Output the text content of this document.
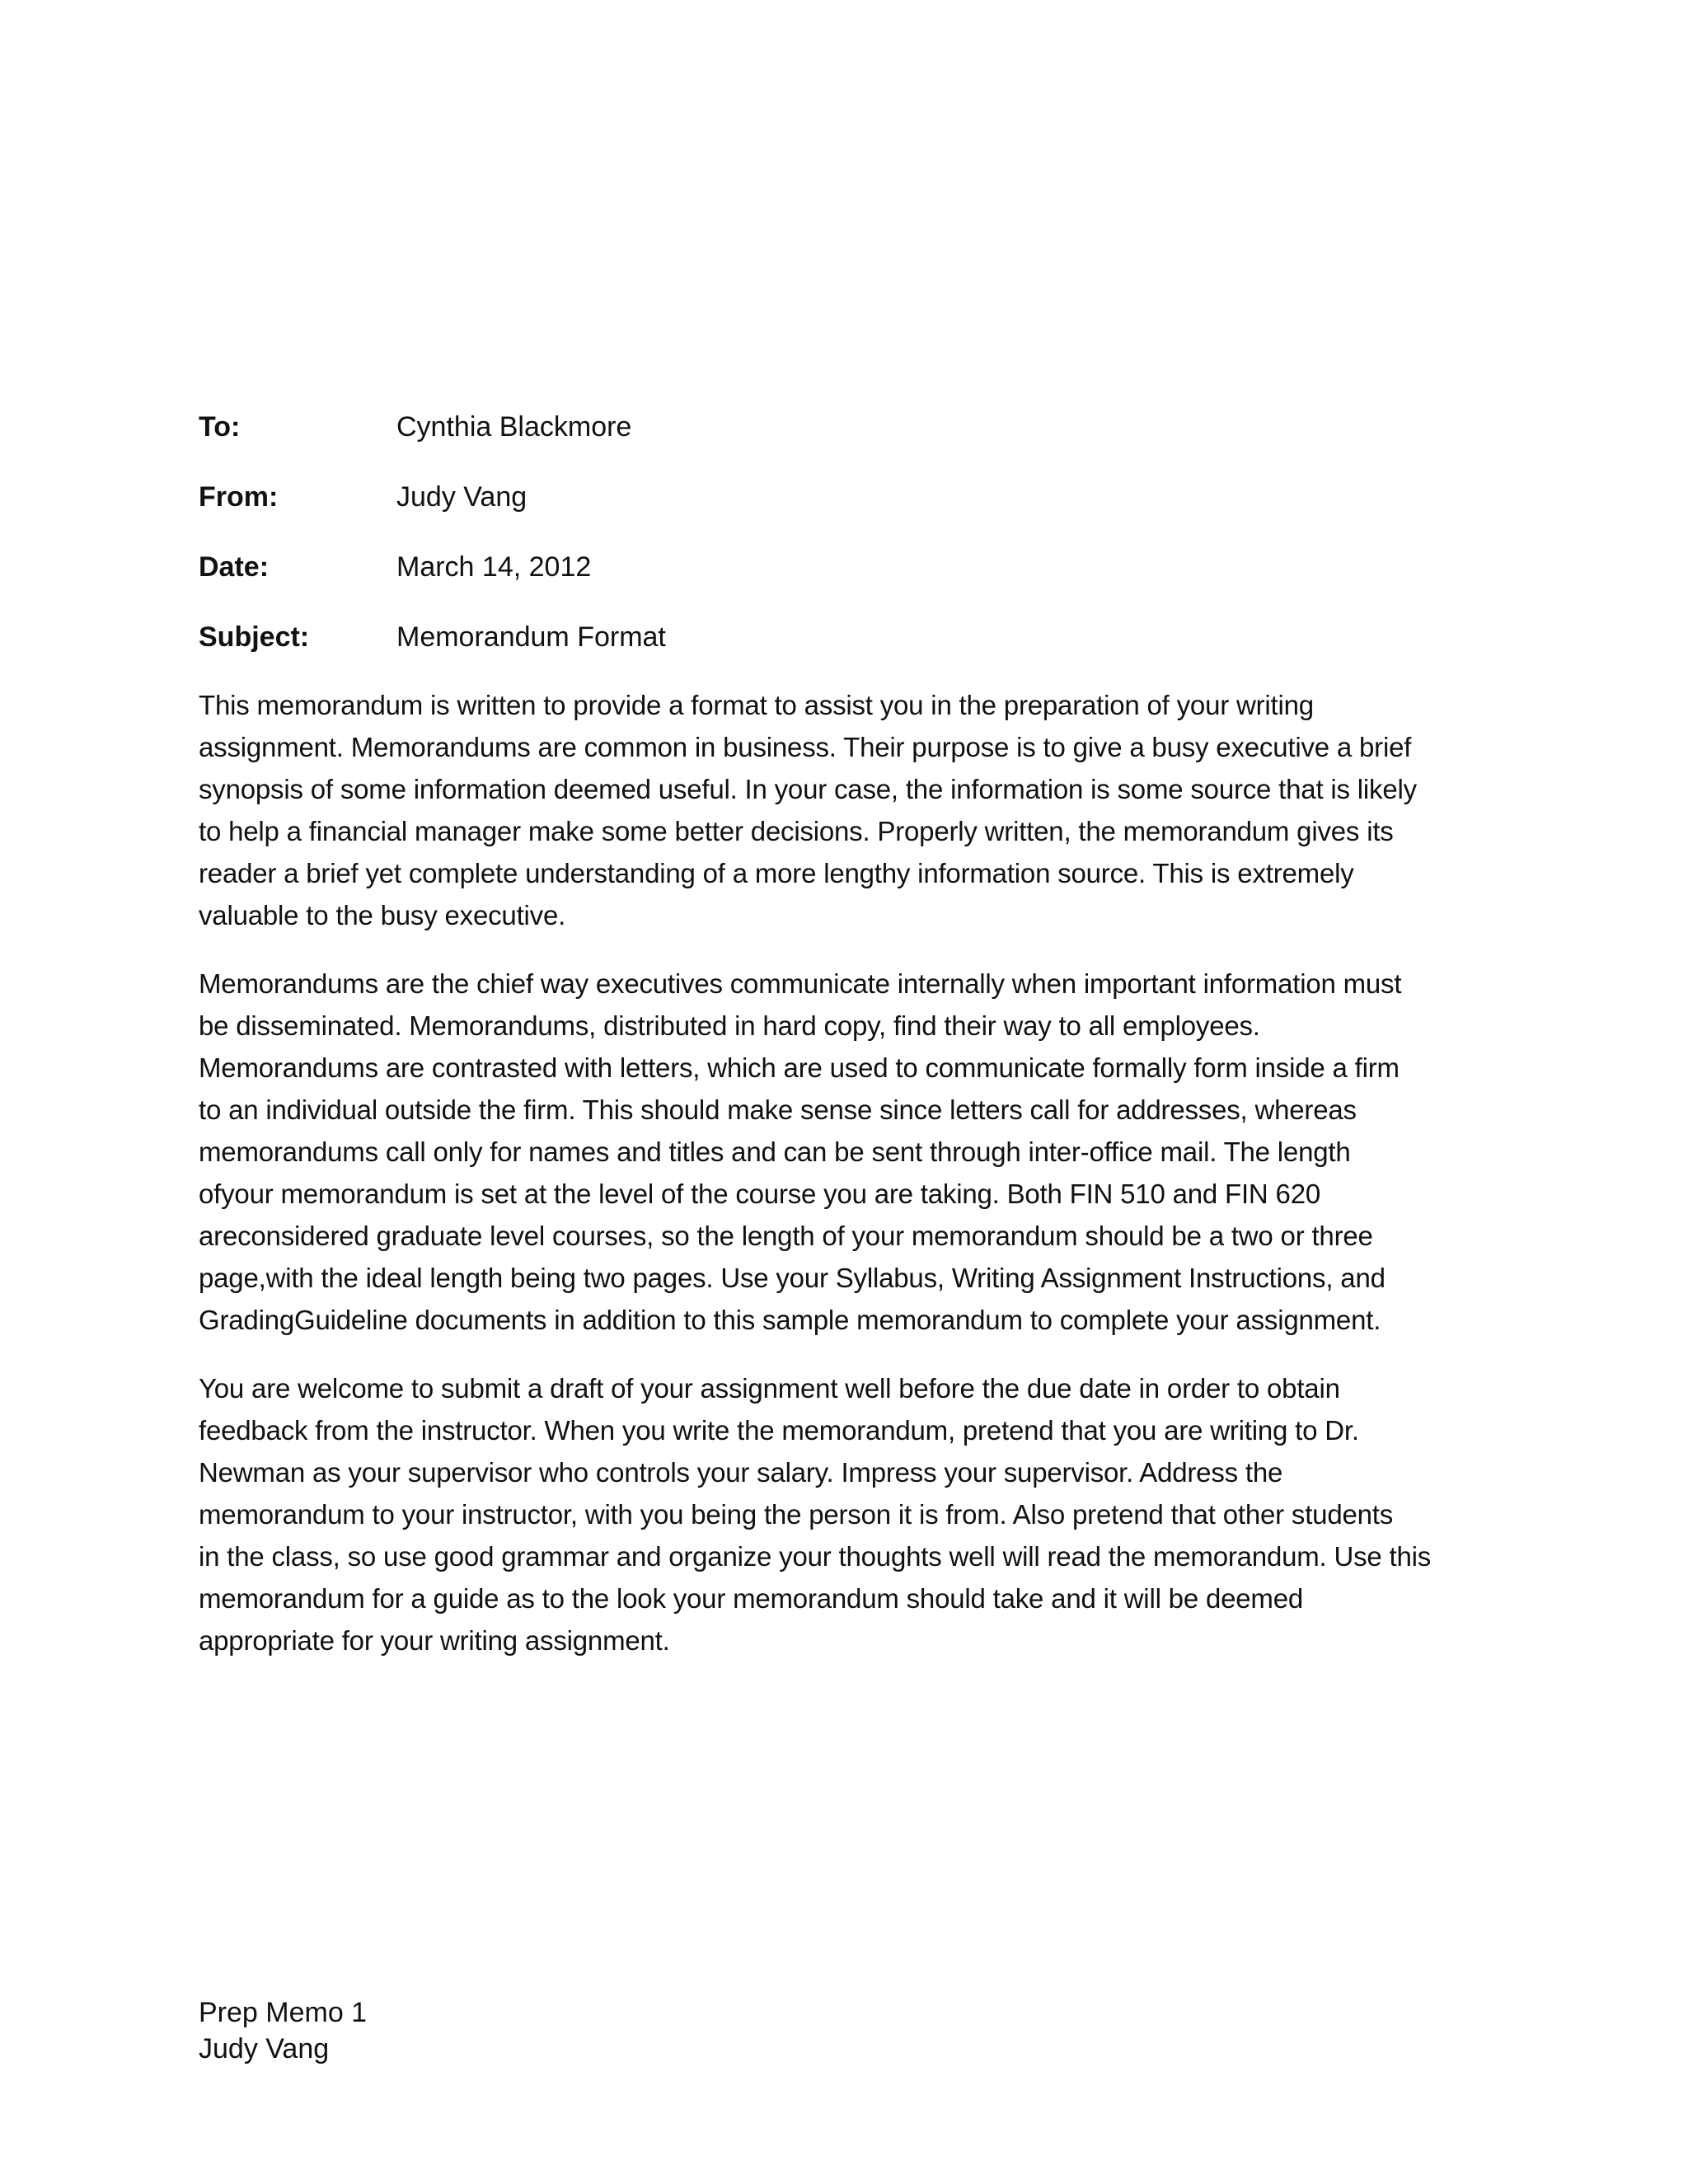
To:	Cynthia Blackmore
From:	Judy Vang
Date:	March 14, 2012
Subject:	Memorandum Format

This memorandum is written to provide a format to assist you in the preparation of your writing
assignment. Memorandums are common in business. Their purpose is to give a busy executive a brief
synopsis of some information deemed useful. In your case, the information is some source that is likely
to help a financial manager make some better decisions. Properly written, the memorandum gives its
reader a brief yet complete understanding of a more lengthy information source. This is extremely
valuable to the busy executive.

Memorandums are the chief way executives communicate internally when important information must
be disseminated. Memorandums, distributed in hard copy, find their way to all employees.
Memorandums are contrasted with letters, which are used to communicate formally form inside a firm
to an individual outside the firm. This should make sense since letters call for addresses, whereas
memorandums call only for names and titles and can be sent through inter-office mail. The length
ofyour memorandum is set at the level of the course you are taking. Both FIN 510 and FIN 620
areconsidered graduate level courses, so the length of your memorandum should be a two or three
page,with the ideal length being two pages. Use your Syllabus, Writing Assignment Instructions, and
GradingGuideline documents in addition to this sample memorandum to complete your assignment.

You are welcome to submit a draft of your assignment well before the due date in order to obtain
feedback from the instructor. When you write the memorandum, pretend that you are writing to Dr.
Newman as your supervisor who controls your salary. Impress your supervisor. Address the
memorandum to your instructor, with you being the person it is from. Also pretend that other students
in the class, so use good grammar and organize your thoughts well will read the memorandum. Use this
memorandum for a guide as to the look your memorandum should take and it will be deemed
appropriate for your writing assignment.

Prep Memo 1
Judy Vang
